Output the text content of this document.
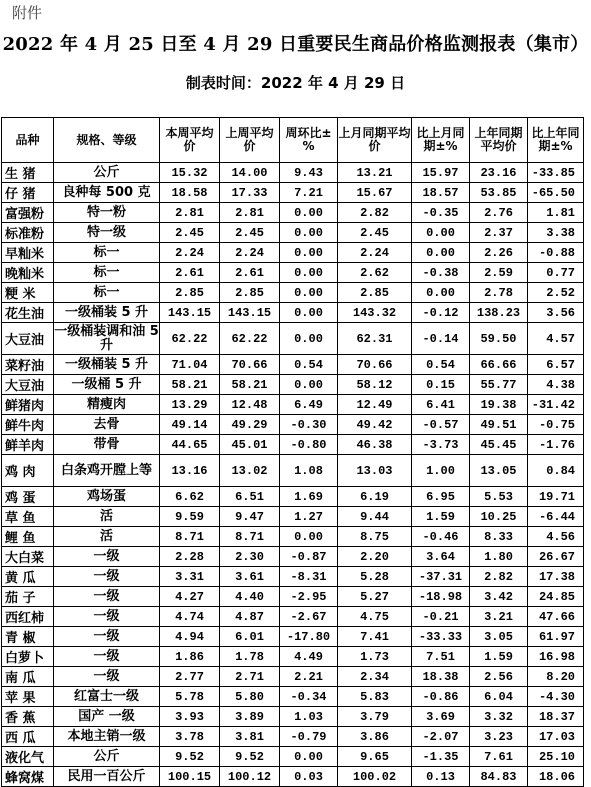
附件
2022 年 4 月 25 日至 4 月 29 日重要民生商品价格监测报表（集市）
制表时间：2022 年 4 月 29 日
品种	规格、等级	本周平均价	上周平均价	周环比±%	上月同期平均价	比上月同期±%	上年同期平均价	比上年同期±%
生 猪	公斤	15.32	14.00	9.43	13.21	15.97	23.16	-33.85
仔 猪	良种每 500 克	18.58	17.33	7.21	15.67	18.57	53.85	-65.50
富强粉	特一粉	2.81	2.81	0.00	2.82	-0.35	2.76	1.81
标准粉	特一级	2.45	2.45	0.00	2.45	0.00	2.37	3.38
早籼米	标一	2.24	2.24	0.00	2.24	0.00	2.26	-0.88
晚籼米	标一	2.61	2.61	0.00	2.62	-0.38	2.59	0.77
粳 米	标一	2.85	2.85	0.00	2.85	0.00	2.78	2.52
花生油	一级桶装 5 升	143.15	143.15	0.00	143.32	-0.12	138.23	3.56
大豆油	一级桶装调和油 5 升	62.22	62.22	0.00	62.31	-0.14	59.50	4.57
菜籽油	一级桶装 5 升	71.04	70.66	0.54	70.66	0.54	66.66	6.57
大豆油	一级桶 5 升	58.21	58.21	0.00	58.12	0.15	55.77	4.38
鲜猪肉	精瘦肉	13.29	12.48	6.49	12.49	6.41	19.38	-31.42
鲜牛肉	去骨	49.14	49.29	-0.30	49.42	-0.57	49.51	-0.75
鲜羊肉	带骨	44.65	45.01	-0.80	46.38	-3.73	45.45	-1.76
鸡 肉	白条鸡开膛上等	13.16	13.02	1.08	13.03	1.00	13.05	0.84
鸡 蛋	鸡场蛋	6.62	6.51	1.69	6.19	6.95	5.53	19.71
草 鱼	活	9.59	9.47	1.27	9.44	1.59	10.25	-6.44
鲤 鱼	活	8.71	8.71	0.00	8.75	-0.46	8.33	4.56
大白菜	一级	2.28	2.30	-0.87	2.20	3.64	1.80	26.67
黄 瓜	一级	3.31	3.61	-8.31	5.28	-37.31	2.82	17.38
茄 子	一级	4.27	4.40	-2.95	5.27	-18.98	3.42	24.85
西红柿	一级	4.74	4.87	-2.67	4.75	-0.21	3.21	47.66
青 椒	一级	4.94	6.01	-17.80	7.41	-33.33	3.05	61.97
白萝卜	一级	1.86	1.78	4.49	1.73	7.51	1.59	16.98
南 瓜	一级	2.77	2.71	2.21	2.34	18.38	2.56	8.20
苹 果	红富士一级	5.78	5.80	-0.34	5.83	-0.86	6.04	-4.30
香 蕉	国产 一级	3.93	3.89	1.03	3.79	3.69	3.32	18.37
西 瓜	本地主销一级	3.78	3.81	-0.79	3.86	-2.07	3.23	17.03
液化气	公斤	9.52	9.52	0.00	9.65	-1.35	7.61	25.10
蜂窝煤	民用一百公斤	100.15	100.12	0.03	100.02	0.13	84.83	18.06
